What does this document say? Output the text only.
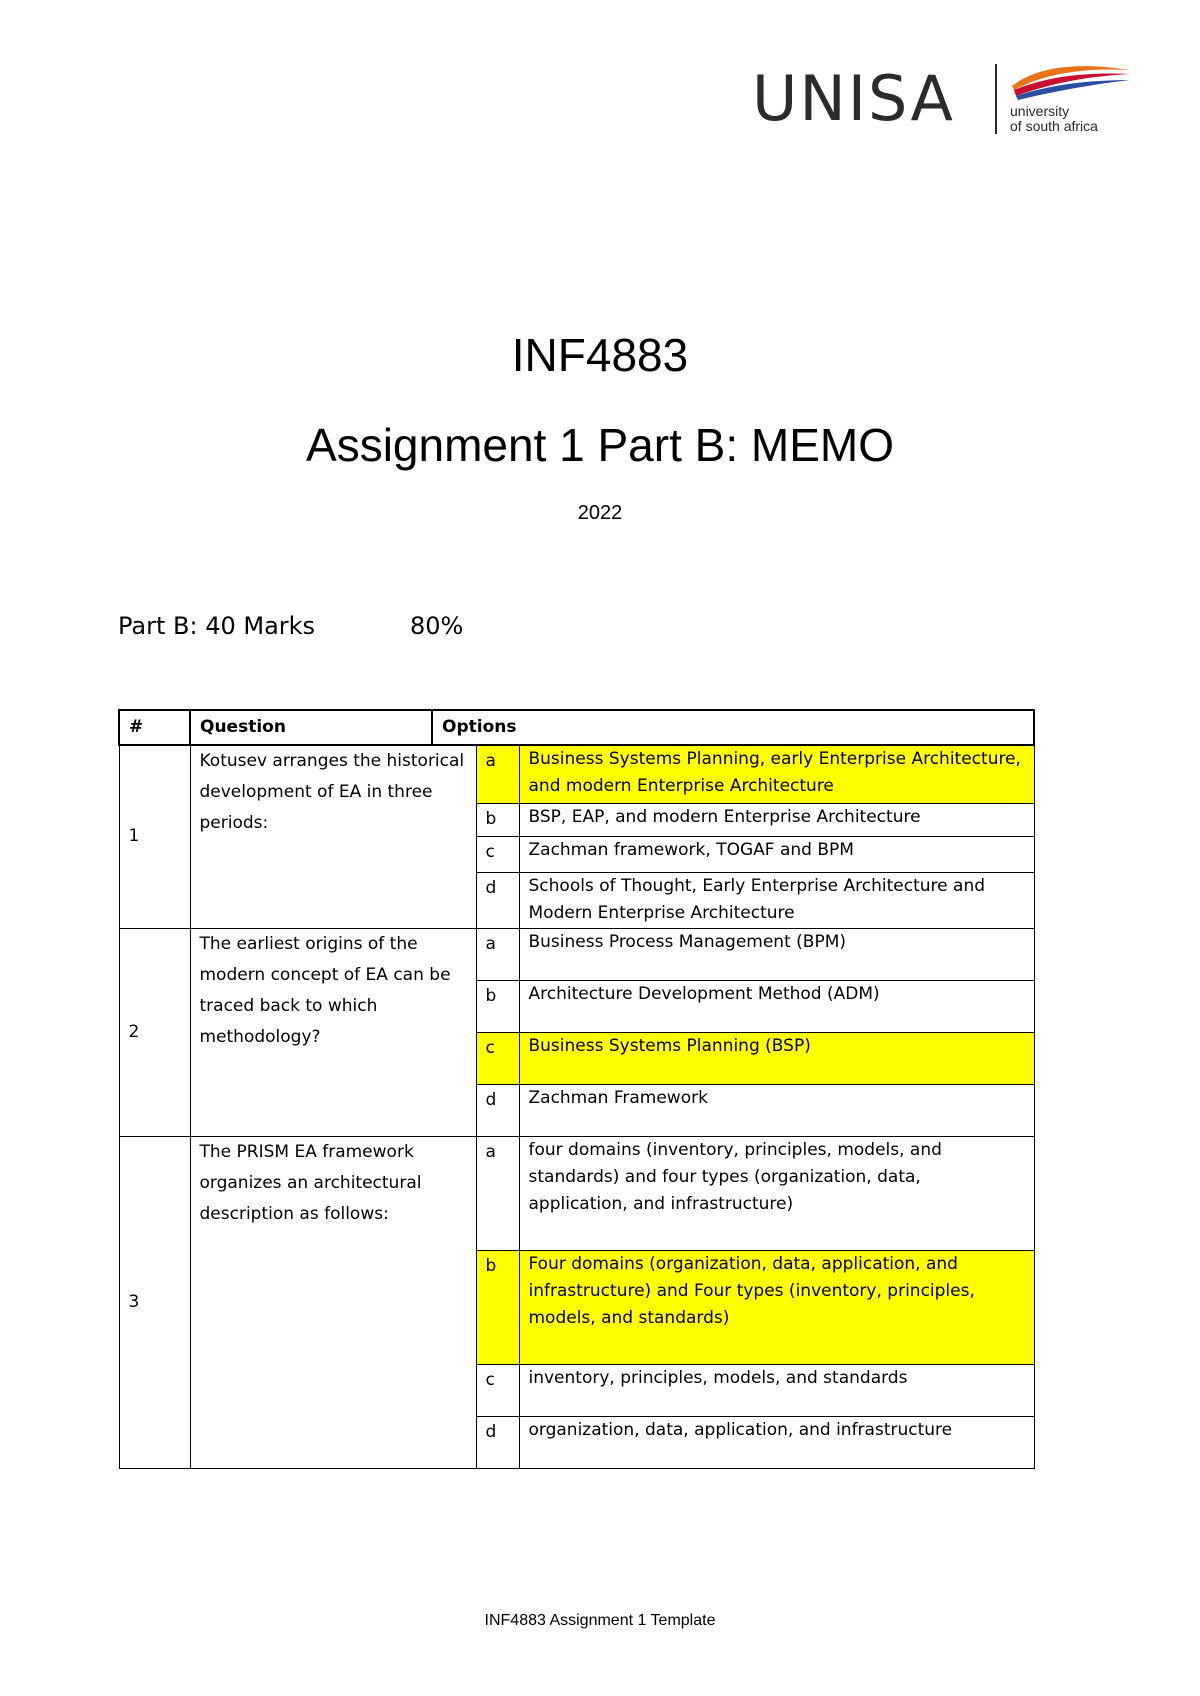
UNISA	university
of south africa
INF4883
Assignment 1 Part B: MEMO
2022
Part B: 40 Marks	80%
#	Question	Options		
1	Kotusev arranges the historical development of EA in three periods:		a	Business Systems Planning, early Enterprise Architecture, and modern Enterprise Architecture
			b	BSP, EAP, and modern Enterprise Architecture
			c	Zachman framework, TOGAF and BPM
			d	Schools of Thought, Early Enterprise Architecture and Modern Enterprise Architecture
2	The earliest origins of the modern concept of EA can be traced back to which methodology?		a	Business Process Management (BPM)
			b	Architecture Development Method (ADM)
			c	Business Systems Planning (BSP)
			d	Zachman Framework
3	The PRISM EA framework organizes an architectural description as follows:		a	four domains (inventory, principles, models, and standards) and four types (organization, data, application, and infrastructure)
			b	Four domains (organization, data, application, and infrastructure) and Four types (inventory, principles, models, and standards)
			c	inventory, principles, models, and standards
			d	organization, data, application, and infrastructure
INF4883 Assignment 1 Template
